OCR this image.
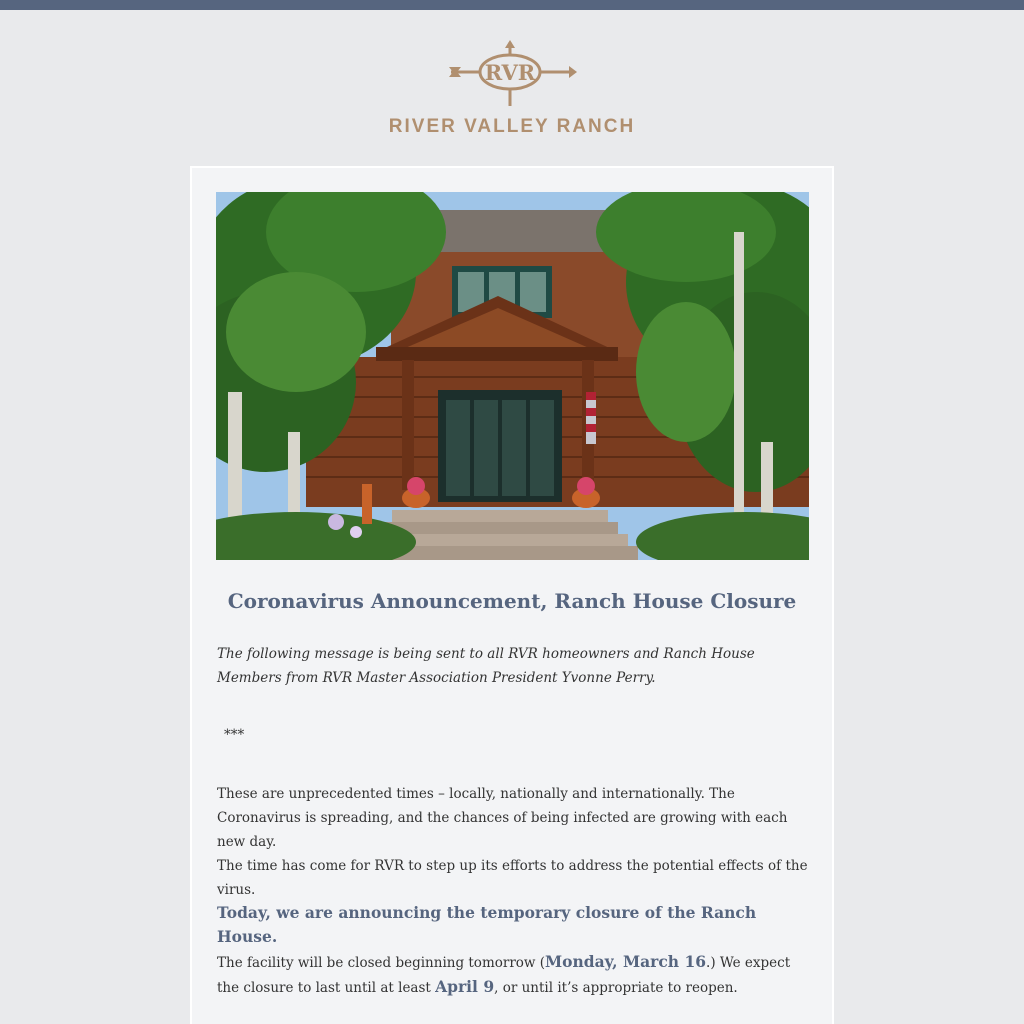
RVR
RIVER VALLEY RANCH
Coronavirus Announcement, Ranch House Closure
The following message is being sent to all RVR homeowners and Ranch House Members from RVR Master Association President Yvonne Perry.
***
These are unprecedented times – locally, nationally and internationally. The Coronavirus is spreading, and the chances of being infected are growing with each new day.
The time has come for RVR to step up its efforts to address the potential effects of the virus.
Today, we are announcing the temporary closure of the Ranch House.
The facility will be closed beginning tomorrow (Monday, March 16.) We expect the closure to last until at least April 9, or until it’s appropriate to reopen.
